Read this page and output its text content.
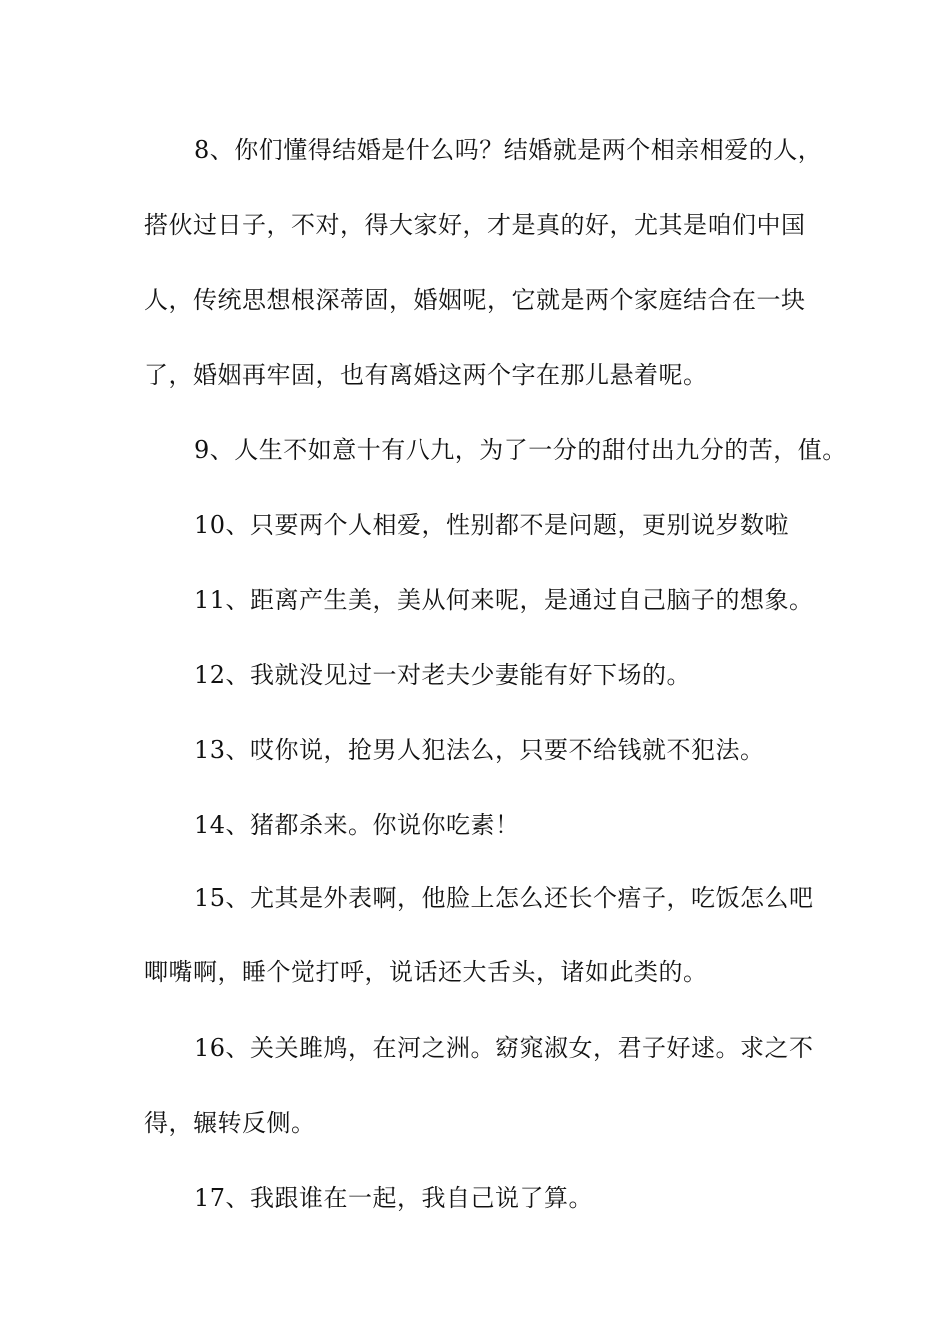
8、你们懂得结婚是什么吗？结婚就是两个相亲相爱的人，
搭伙过日子，不对，得大家好，才是真的好，尤其是咱们中国
人，传统思想根深蒂固，婚姻呢，它就是两个家庭结合在一块
了，婚姻再牢固，也有离婚这两个字在那儿悬着呢。
9、人生不如意十有八九，为了一分的甜付出九分的苦，值。
10、只要两个人相爱，性别都不是问题，更别说岁数啦
11、距离产生美，美从何来呢，是通过自己脑子的想象。
12、我就没见过一对老夫少妻能有好下场的。
13、哎你说，抢男人犯法么，只要不给钱就不犯法。
14、猪都杀来。你说你吃素！
15、尤其是外表啊，他脸上怎么还长个痦子，吃饭怎么吧
唧嘴啊，睡个觉打呼，说话还大舌头，诸如此类的。
16、关关雎鸠，在河之洲。窈窕淑女，君子好逑。求之不
得，辗转反侧。
17、我跟谁在一起，我自己说了算。
